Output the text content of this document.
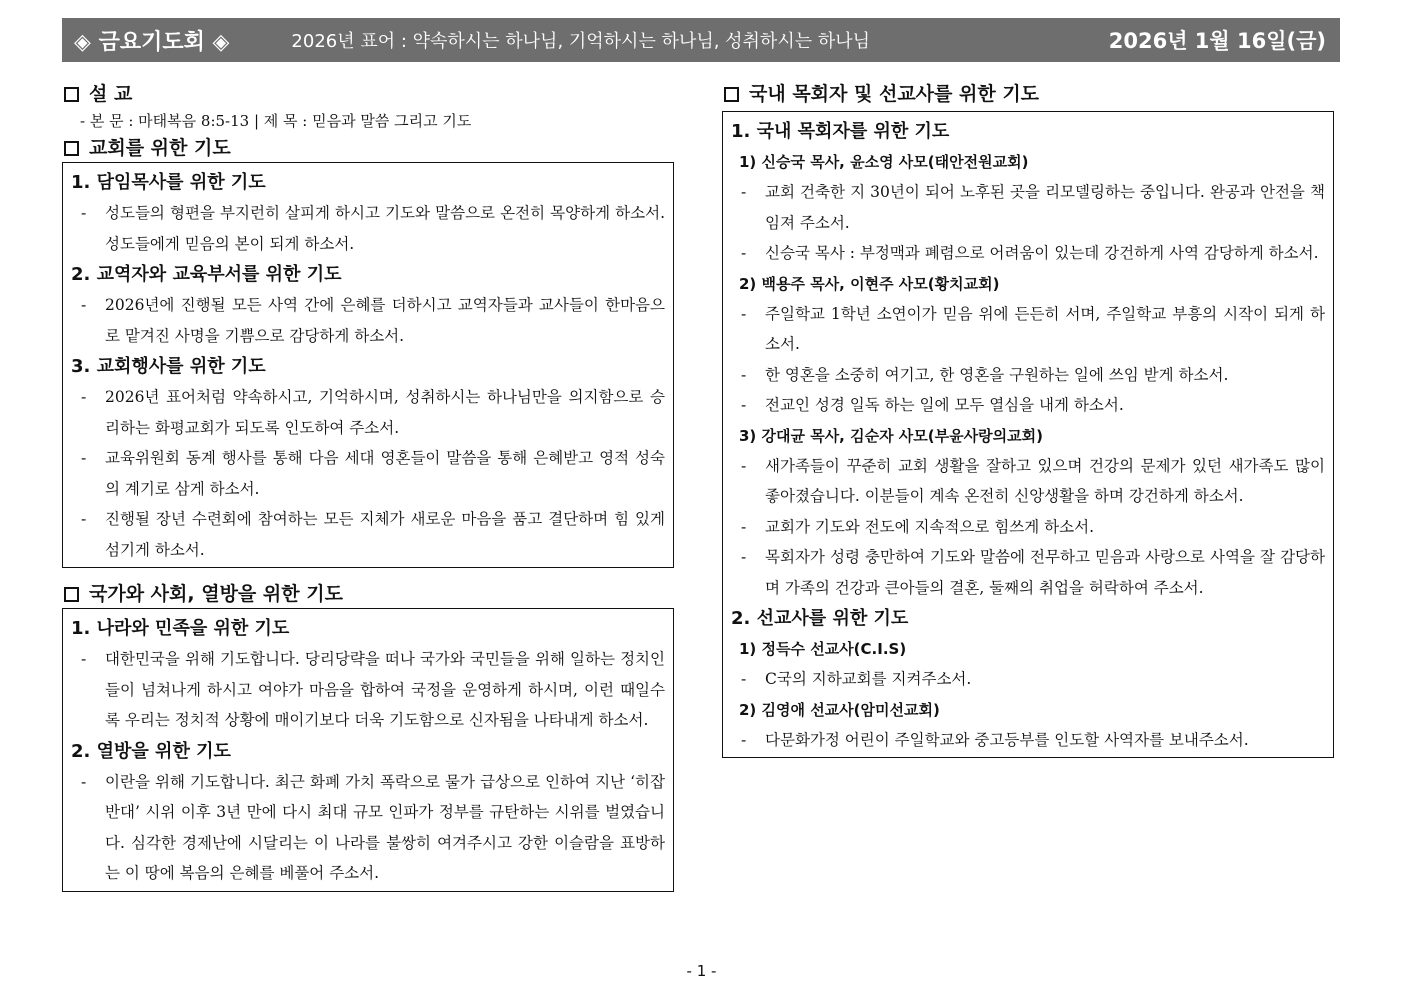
◈ 금요기도회 ◈	2026년 표어 : 약속하시는 하나님, 기억하시는 하나님, 성취하시는 하나님	2026년 1월 16일(금)
설 교
- 본 문 : 마태복음 8:5-13 | 제 목 : 믿음과 말씀 그리고 기도
교회를 위한 기도
1. 담임목사를 위한 기도
- 성도들의 형편을 부지런히 살피게 하시고 기도와 말씀으로 온전히 목양하게 하소서. 성도들에게 믿음의 본이 되게 하소서.
2. 교역자와 교육부서를 위한 기도
- 2026년에 진행될 모든 사역 간에 은혜를 더하시고 교역자들과 교사들이 한마음으로 맡겨진 사명을 기쁨으로 감당하게 하소서.
3. 교회행사를 위한 기도
- 2026년 표어처럼 약속하시고, 기억하시며, 성취하시는 하나님만을 의지함으로 승리하는 화평교회가 되도록 인도하여 주소서.
- 교육위원회 동계 행사를 통해 다음 세대 영혼들이 말씀을 통해 은혜받고 영적 성숙의 계기로 삼게 하소서.
- 진행될 장년 수련회에 참여하는 모든 지체가 새로운 마음을 품고 결단하며 힘 있게 섬기게 하소서.
국가와 사회, 열방을 위한 기도
1. 나라와 민족을 위한 기도
- 대한민국을 위해 기도합니다. 당리당략을 떠나 국가와 국민들을 위해 일하는 정치인들이 넘쳐나게 하시고 여야가 마음을 합하여 국정을 운영하게 하시며, 이런 때일수록 우리는 정치적 상황에 매이기보다 더욱 기도함으로 신자됨을 나타내게 하소서.
2. 열방을 위한 기도
- 이란을 위해 기도합니다. 최근 화폐 가치 폭락으로 물가 급상으로 인하여 지난 ‘히잡 반대’ 시위 이후 3년 만에 다시 최대 규모 인파가 정부를 규탄하는 시위를 벌였습니다. 심각한 경제난에 시달리는 이 나라를 불쌍히 여겨주시고 강한 이슬람을 표방하는 이 땅에 복음의 은혜를 베풀어 주소서.
국내 목회자 및 선교사를 위한 기도
1. 국내 목회자를 위한 기도
1) 신승국 목사, 윤소영 사모(태안전원교회)
- 교회 건축한 지 30년이 되어 노후된 곳을 리모델링하는 중입니다. 완공과 안전을 책임져 주소서.
- 신승국 목사 : 부정맥과 폐렴으로 어려움이 있는데 강건하게 사역 감당하게 하소서.
2) 백용주 목사, 이현주 사모(황치교회)
- 주일학교 1학년 소연이가 믿음 위에 든든히 서며, 주일학교 부흥의 시작이 되게 하소서.
- 한 영혼을 소중히 여기고, 한 영혼을 구원하는 일에 쓰임 받게 하소서.
- 전교인 성경 일독 하는 일에 모두 열심을 내게 하소서.
3) 강대균 목사, 김순자 사모(부윤사랑의교회)
- 새가족들이 꾸준히 교회 생활을 잘하고 있으며 건강의 문제가 있던 새가족도 많이 좋아졌습니다. 이분들이 계속 온전히 신앙생활을 하며 강건하게 하소서.
- 교회가 기도와 전도에 지속적으로 힘쓰게 하소서.
- 목회자가 성령 충만하여 기도와 말씀에 전무하고 믿음과 사랑으로 사역을 잘 감당하며 가족의 건강과 큰아들의 결혼, 둘째의 취업을 허락하여 주소서.
2. 선교사를 위한 기도
1) 정득수 선교사(C.I.S)
- C국의 지하교회를 지켜주소서.
2) 김영애 선교사(암미선교회)
- 다문화가정 어린이 주일학교와 중고등부를 인도할 사역자를 보내주소서.
- 1 -
